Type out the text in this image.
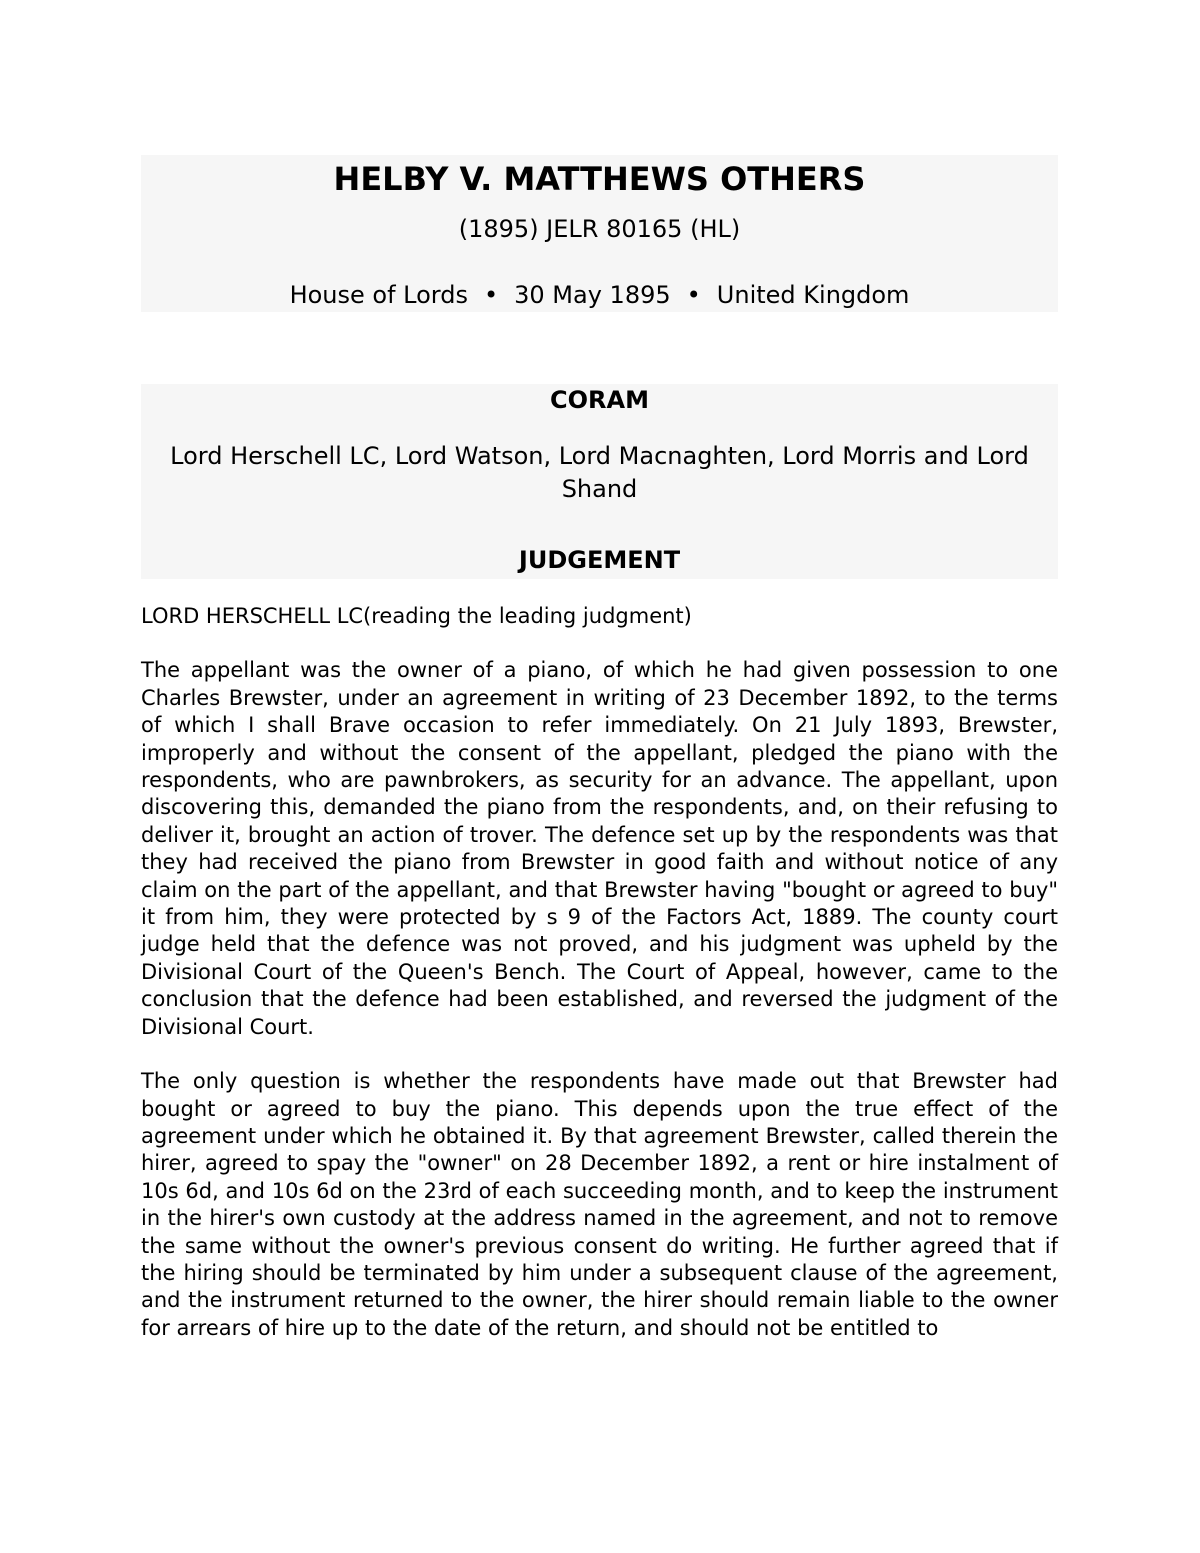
HELBY V. MATTHEWS OTHERS
(1895) JELR 80165 (HL)
House of Lords • 30 May 1895 • United Kingdom
CORAM
Lord Herschell LC, Lord Watson, Lord Macnaghten, Lord Morris and Lord Shand
JUDGEMENT

LORD HERSCHELL LC(reading the leading judgment)

The appellant was the owner of a piano, of which he had given possession to one Charles Brewster, under an agreement in writing of 23 December 1892, to the terms of which I shall Brave occasion to refer immediately. On 21 July 1893, Brewster, improperly and without the consent of the appellant, pledged the piano with the respondents, who are pawnbrokers, as security for an advance. The appellant, upon discovering this, demanded the piano from the respondents, and, on their refusing to deliver it, brought an action of trover. The defence set up by the respondents was that they had received the piano from Brewster in good faith and without notice of any claim on the part of the appellant, and that Brewster having "bought or agreed to buy" it from him, they were protected by s 9 of the Factors Act, 1889. The county court judge held that the defence was not proved, and his judgment was upheld by the Divisional Court of the Queen's Bench. The Court of Appeal, however, came to the conclusion that the defence had been established, and reversed the judgment of the Divisional Court.

The only question is whether the respondents have made out that Brewster had bought or agreed to buy the piano. This depends upon the true effect of the agreement under which he obtained it. By that agreement Brewster, called therein the hirer, agreed to spay the "owner" on 28 December 1892, a rent or hire instalment of 10s 6d, and 10s 6d on the 23rd of each succeeding month, and to keep the instrument in the hirer's own custody at the address named in the agreement, and not to remove the same without the owner's previous consent do writing. He further agreed that if the hiring should be terminated by him under a subsequent clause of the agreement, and the instrument returned to the owner, the hirer should remain liable to the owner for arrears of hire up to the date of the return, and should not be entitled to
